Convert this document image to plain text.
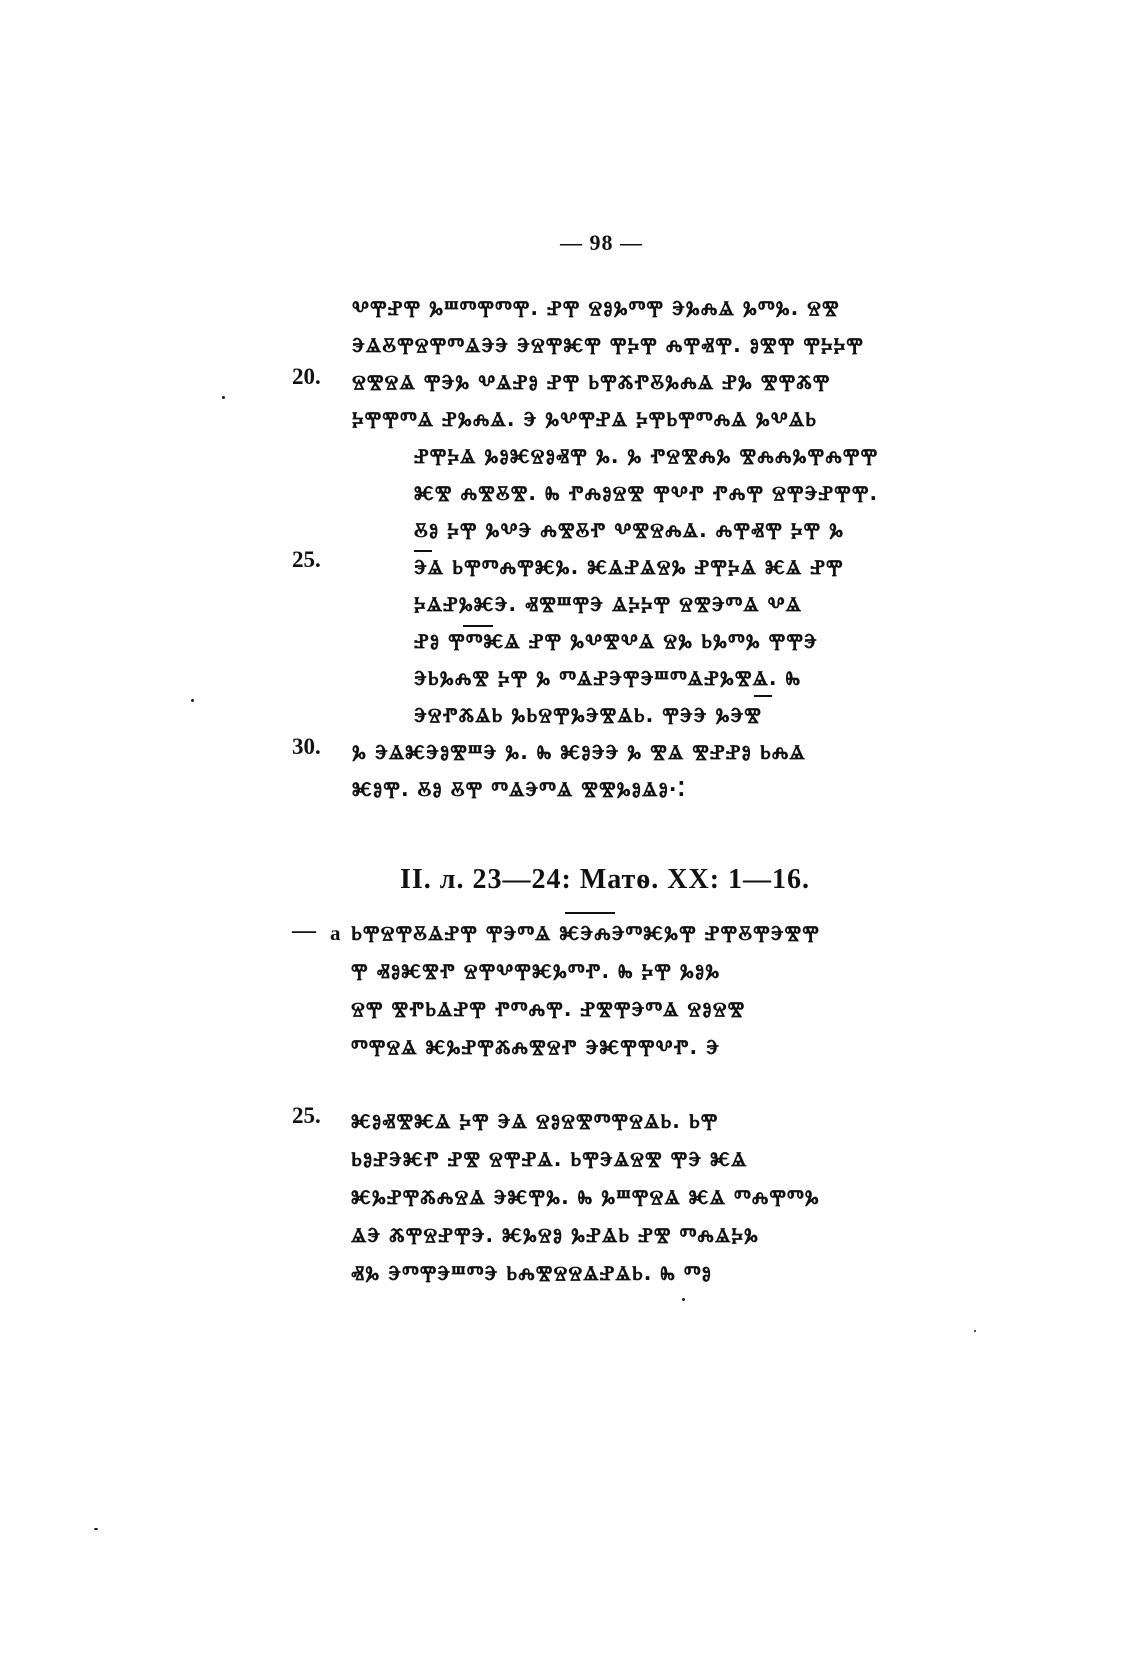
— 98 —
20.
25.
30.
25.
ⰂⰉⰐⰉ ⰃⰞⰕⰉⰕⰉ. ⰐⰉ ⰔⰑⰃⰕⰉ ⰅⰃⰎⰡ ⰃⰕⰃ. ⰔⰊ
ⰅⰡⰋⰉⰔⰉⰕⰡⰅⰅ ⰅⰔⰉⰨⰉ ⰉⰍⰉ ⰎⰉⰟⰉ. ⰑⰊⰉ ⰉⰍⰍⰉ
ⰔⰊⰔⰡ ⰉⰅⰃ ⰂⰡⰐⰑ ⰐⰉ ⰓⰉⰆⰒⰋⰃⰎⰡ ⰐⰃ ⰊⰉⰆⰉ
ⰍⰉⰉⰕⰡ ⰐⰃⰎⰡ. Ⰵ ⰃⰂⰉⰐⰡ ⰍⰉⰓⰉⰕⰎⰡ ⰃⰂⰡⰓ
ⰐⰉⰍⰡ ⰃⰑⰨⰔⰑⰟⰉ Ⰳ. Ⰳ ⰒⰔⰊⰎⰃ ⰊⰎⰎⰃⰉⰎⰉⰉ
ⰨⰊ ⰎⰊⰋⰊ. Ⰸ ⰒⰎⰑⰔⰊ ⰉⰂⰒ ⰒⰎⰉ ⰔⰉⰅⰐⰉⰉ.
ⰋⰑ ⰍⰉ ⰃⰂⰅ ⰎⰊⰋⰒ ⰂⰊⰔⰎⰡ. ⰎⰉⰟⰉ ⰍⰉ Ⰳ
ⰅⰡ ⰓⰉⰕⰎⰉⰨⰃ. ⰨⰡⰐⰡⰔⰃ ⰐⰉⰍⰡ ⰨⰡ ⰐⰉ
ⰍⰡⰐⰃⰨⰅ. ⰟⰊⰞⰉⰅ ⰡⰍⰍⰉ ⰔⰊⰅⰕⰡ ⰂⰡ
ⰐⰑ ⰉⰕⰨⰡ ⰐⰉ ⰃⰂⰊⰂⰡ ⰔⰃ ⰓⰃⰕⰃ ⰉⰉⰅ
ⰅⰓⰃⰎⰊ ⰍⰉ Ⰳ ⰕⰡⰐⰅⰉⰅⰞⰕⰡⰐⰃⰊⰡ. Ⰸ
ⰅⰔⰒⰆⰡⰓ ⰃⰓⰔⰉⰃⰅⰊⰡⰓ. ⰉⰅⰅ ⰃⰅⰊ
Ⰳ ⰅⰡⰨⰅⰑⰊⰞⰅ Ⰳ. Ⰸ ⰨⰑⰅⰅ Ⰳ ⰊⰡ ⰊⰐⰐⰑ ⰓⰎⰡ
ⰨⰑⰉ. ⰋⰑ ⰋⰉ ⰕⰡⰅⰕⰡ ⰊⰊⰃⰑⰡⰑ·⁚
II. л. 23—24: Матѳ. XX: 1—16.
— а ⰓⰉⰔⰉⰋⰡⰐⰉ ⰉⰅⰕⰡ ⰨⰅⰎⰅⰕⰨⰃⰉ ⰐⰉⰋⰉⰅⰊⰉ
Ⰹ ⰟⰑⰨⰊⰒ ⰔⰉⰂⰉⰨⰃⰕⰒ. Ⰸ ⰍⰉ ⰃⰑⰃ
ⰔⰉ ⰊⰒⰓⰡⰐⰉ ⰒⰕⰎⰉ. ⰐⰊⰉⰅⰕⰡ ⰔⰑⰔⰊ
ⰕⰉⰔⰡ ⰨⰃⰐⰉⰆⰎⰊⰔⰒ ⰅⰨⰉⰉⰂⰒ. Ⰵ
ⰨⰑⰟⰊⰨⰡ ⰍⰉ ⰅⰡ ⰔⰑⰔⰊⰕⰉⰔⰡⰓ. ⰓⰉ
ⰓⰑⰐⰅⰨⰒ ⰐⰊ ⰔⰉⰐⰡ. ⰓⰉⰅⰡⰔⰊ ⰉⰅ ⰨⰡ
ⰨⰃⰐⰉⰆⰎⰔⰡ ⰅⰨⰉⰃ. Ⰸ ⰃⰞⰉⰔⰡ ⰨⰡ ⰕⰎⰉⰕⰃ
ⰡⰅ ⰆⰉⰔⰐⰉⰅ. ⰨⰃⰔⰑ ⰃⰐⰡⰓ ⰐⰊ ⰕⰎⰡⰍⰃ
ⰟⰃ ⰅⰕⰉⰅⰞⰕⰅ ⰓⰎⰊⰔⰔⰡⰐⰡⰓ. Ⰸ ⰕⰑ
